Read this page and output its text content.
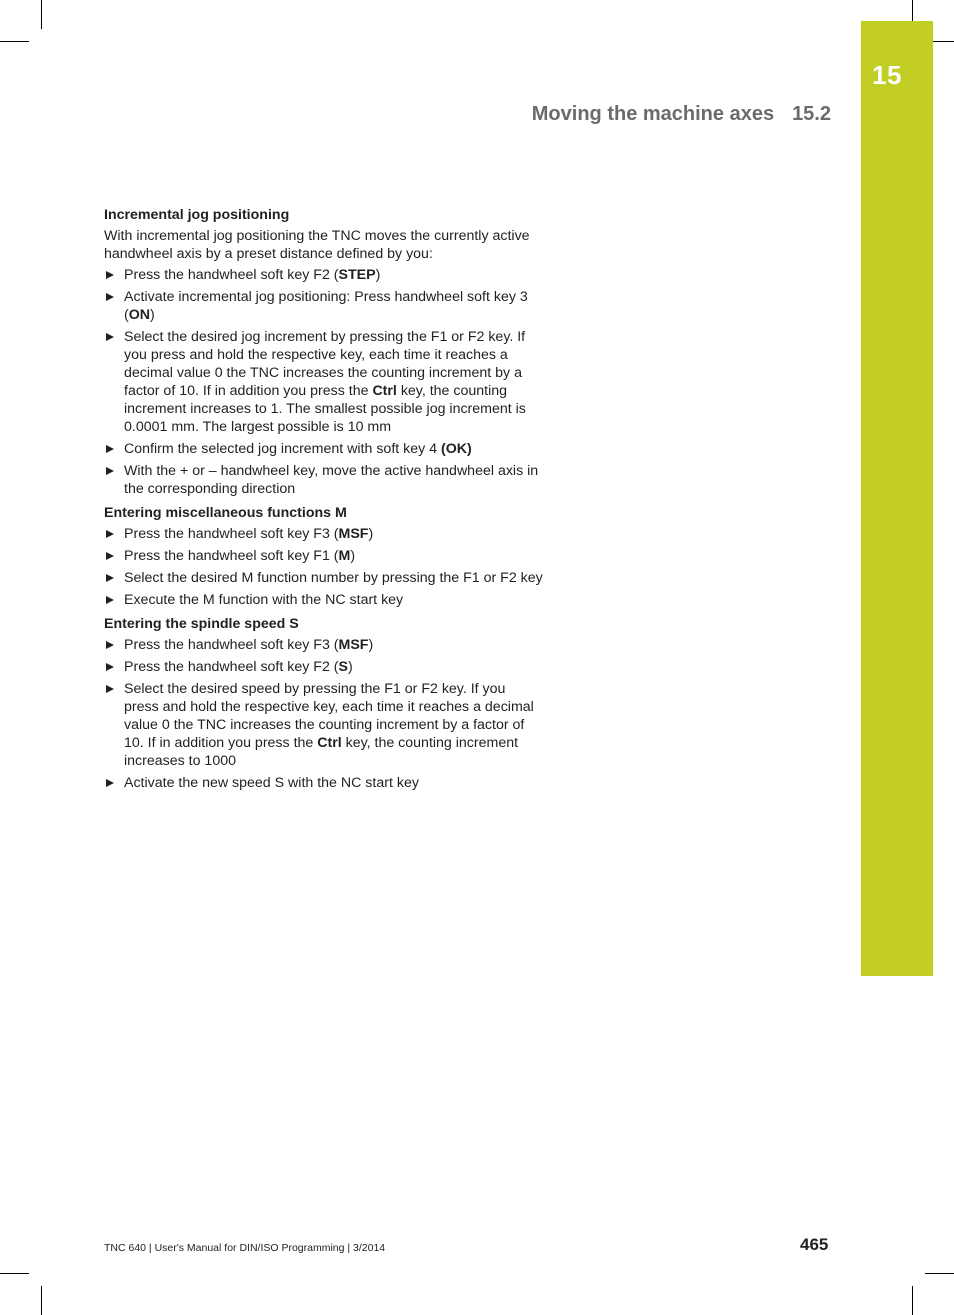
15
Moving the machine axes 15.2
Incremental jog positioning
With incremental jog positioning the TNC moves the currently active handwheel axis by a preset distance defined by you:
Press the handwheel soft key F2 (STEP)
Activate incremental jog positioning: Press handwheel soft key 3 (ON)
Select the desired jog increment by pressing the F1 or F2 key. If you press and hold the respective key, each time it reaches a decimal value 0 the TNC increases the counting increment by a factor of 10. If in addition you press the Ctrl key, the counting increment increases to 1. The smallest possible jog increment is 0.0001 mm. The largest possible is 10 mm
Confirm the selected jog increment with soft key 4 (OK)
With the + or – handwheel key, move the active handwheel axis in the corresponding direction
Entering miscellaneous functions M
Press the handwheel soft key F3 (MSF)
Press the handwheel soft key F1 (M)
Select the desired M function number by pressing the F1 or F2 key
Execute the M function with the NC start key
Entering the spindle speed S
Press the handwheel soft key F3 (MSF)
Press the handwheel soft key F2 (S)
Select the desired speed by pressing the F1 or F2 key. If you press and hold the respective key, each time it reaches a decimal value 0 the TNC increases the counting increment by a factor of 10. If in addition you press the Ctrl key, the counting increment increases to 1000
Activate the new speed S with the NC start key
TNC 640 | User's Manual for DIN/ISO Programming | 3/2014	465
